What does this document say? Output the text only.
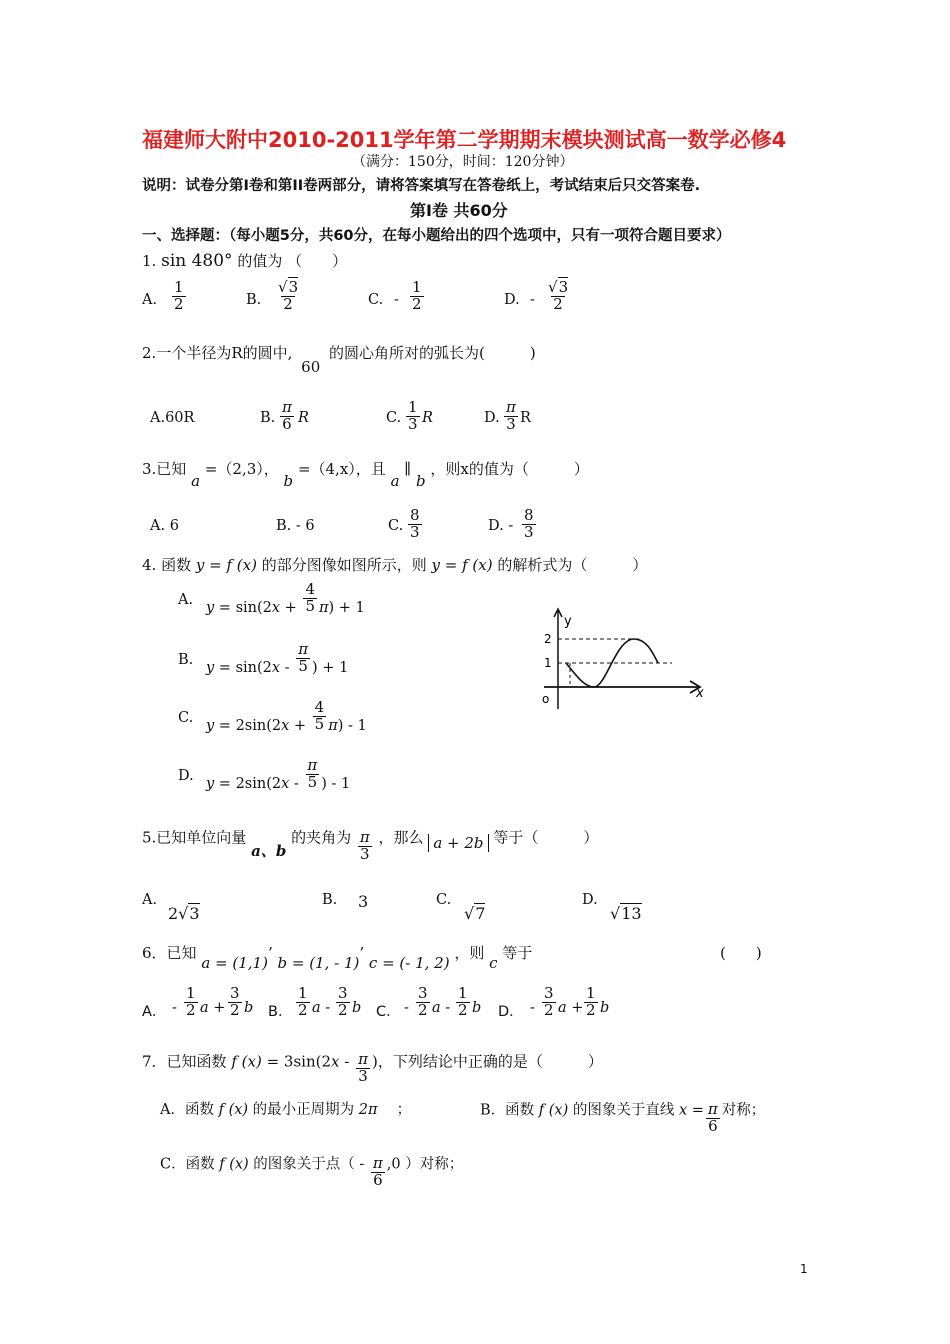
福建师大附中2010-2011学年第二学期期末模块测试高一数学必修4
（满分：150分，时间：120分钟）
说明：试卷分第I卷和第II卷两部分，请将答案填写在答卷纸上，考试结束后只交答案卷.
第I卷 共60分
一、选择题：（每小题5分，共60分，在每小题给出的四个选项中，只有一项符合题目要求）
1. sin 480° 的值为 （　　）
A. $\frac{1}{2}$	B. $\frac{√3}{2}$	C. - $\frac{1}{2}$	D. - $\frac{√3}{2}$
2.一个半径为R的圆中, 60 的圆心角所对的弧长为(　　　)
A.60R	B. $\frac{\pi}{6}$ R	C. $\frac{1}{3}$ R	D. $\frac{\pi}{3}$ R
3.已知 a =（2,3）， b =（4,x），且 a ∥ b ，则x的值为（　　　）
A. 6	B. - 6	C. $\frac{8}{3}$	D. - $\frac{8}{3}$
4. 函数 y = f (x) 的部分图像如图所示，则 y = f (x) 的解析式为（　　　）
A.
$y = \sin(2x + \frac{4}{5} \pi) + 1$
B.
$y = \sin(2x - \frac{\pi}{5}$ ) + 1
C.
$y = 2\sin(2x + \frac{4}{5} \pi) - 1$
D.
$y = 2\sin(2x - \frac{\pi}{5}$ ) - 1
y
x
o
2
1
5.已知单位向量 a、b 的夹角为 $\frac{\pi}{3}$ ，那么 a + 2b 等于（　　　）
A.
2√3
B. 3	C.
√7
D.
√13
6．已知 a = (1,1)’ b = (1, - 1)’ c = (- 1, 2) ，则 c 等于	(　　)
A． - $\frac{1}{2}$ $a + \frac{3}{2}$ b B． $\frac{1}{2}$ a - $\frac{3}{2}$ b C． - $\frac{3}{2}$ a - $\frac{1}{2}$ b D． - $\frac{3}{2}$ $a + \frac{1}{2}$ b
7．已知函数 f $(x) = 3\sin(2x - \frac{\pi}{3}$ )，下列结论中正确的是（　　　）
A．函数 f (x) 的最小正周期为 2π 　；	B．函数 f (x) 的图象关于直线 $x = \frac{\pi}{6}$ 对称；
C．函数 f (x) 的图象关于点（ - $\frac{\pi}{6} ,0$ ）对称；
1
